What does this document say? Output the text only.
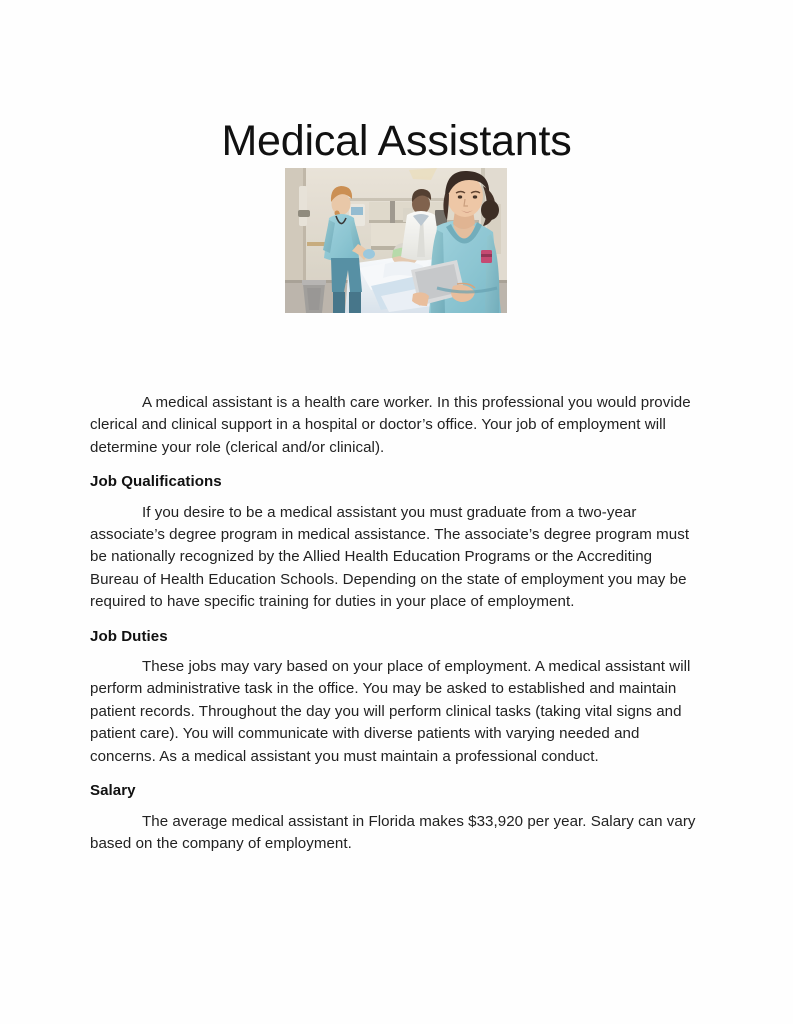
Medical Assistants

A medical assistant is a health care worker. In this professional you would provide clerical and clinical support in a hospital or doctor’s office. Your job of employment will determine your role (clerical and/or clinical).

Job Qualifications

If you desire to be a medical assistant you must graduate from a two-year associate’s degree program in medical assistance. The associate’s degree program must be nationally recognized by the Allied Health Education Programs or the Accrediting Bureau of Health Education Schools. Depending on the state of employment you may be required to have specific training for duties in your place of employment.

Job Duties

These jobs may vary based on your place of employment. A medical assistant will perform administrative task in the office. You may be asked to established and maintain patient records. Throughout the day you will perform clinical tasks (taking vital signs and patient care). You will communicate with diverse patients with varying needed and concerns. As a medical assistant you must maintain a professional conduct.

Salary

The average medical assistant in Florida makes $33,920 per year. Salary can vary based on the company of employment.
